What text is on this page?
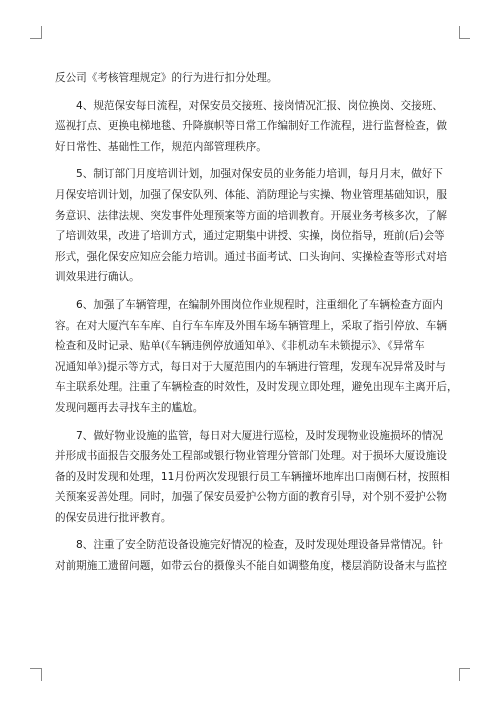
反公司《考核管理规定》的行为进行扣分处理。

4、规范保安每日流程，对保安员交接班、接岗情况汇报、岗位换岗、交接班、
巡视打点、更换电梯地毯、升降旗帜等日常工作编制好工作流程，进行监督检查，做
好日常性、基础性工作，规范内部管理秩序。

5、制订部门月度培训计划，加强对保安员的业务能力培训，每月月末，做好下
月保安培训计划，加强了保安队列、体能、消防理论与实操、物业管理基础知识，服
务意识、法律法规、突发事件处理预案等方面的培训教育。开展业务考核多次，了解
了培训效果，改进了培训方式，通过定期集中讲授、实操，岗位指导，班前(后)会等
形式，强化保安应知应会能力培训。通过书面考试、口头询问、实操检查等形式对培
训效果进行确认。

6、加强了车辆管理，在编制外围岗位作业规程时，注重细化了车辆检查方面内
容。在对大厦汽车车库、自行车车库及外围车场车辆管理上，采取了指引停放、车辆
检查和及时记录、贴单(《车辆违例停放通知单》、《非机动车未锁提示》、《异常车
况通知单》)提示等方式，每日对于大厦范围内的车辆进行管理，发现车况异常及时与
车主联系处理。注重了车辆检查的时效性，及时发现立即处理，避免出现车主离开后，
发现问题再去寻找车主的尴尬。

7、做好物业设施的监管，每日对大厦进行巡检，及时发现物业设施损坏的情况
并形成书面报告交服务处工程部或银行物业管理分管部门处理。对于损坏大厦设施设
备的及时发现和处理，11月份两次发现银行员工车辆撞坏地库出口南侧石材，按照相
关预案妥善处理。同时，加强了保安员爱护公物方面的教育引导，对个别不爱护公物
的保安员进行批评教育。

8、注重了安全防范设备设施完好情况的检查，及时发现处理设备异常情况。针
对前期施工遗留问题，如带云台的摄像头不能自如调整角度，楼层消防设备末与监控
